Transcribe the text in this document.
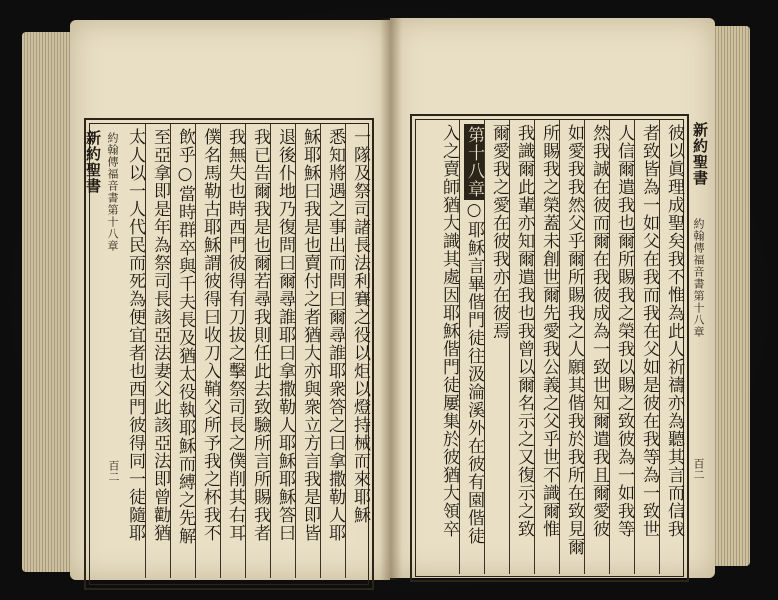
新約聖書 約翰傳福音書第十八章
百二	一隊及祭司諸長法利賽之役以炬以燈持械而來耶穌
悉知將遇之事出而問曰爾尋誰耶衆答之曰拿撒勒人耶
穌耶穌曰我是也賣付之者猶大亦與衆立方言我是即皆
退後仆地乃復問曰爾尋誰耶曰拿撒勒人耶穌耶穌答曰
我已告爾我是也爾若尋我則任此去致驗所言所賜我者
我無失也時西門彼得有刀拔之擊祭司長之僕削其右耳
僕名馬勒古耶穌謂彼得曰收刀入鞘父所予我之杯我不
飲乎○當時群卒與千夫長及猶太役執耶穌而縛之先解
至亞拿即是年為祭司長該亞法妻父此該亞法即曾勸猶
太人以一人代民而死為便宜者也西門彼得同一徒隨耶	新約聖書
約翰傳福音書第十八章
百二
彼以眞理成聖矣我不惟為此人祈禱亦為聽其言而信我
者致皆為一如父在我而我在父如是彼在我等為一致世
人信爾遣我也爾所賜我之榮我以賜之致彼為一如我等
然我誠在彼而爾在我彼成為一致世知爾遣我且爾愛彼
如愛我我然父乎爾所賜我之人願其偕我於我所在致見爾
所賜我之榮蓋未創世爾先愛我公義之父乎世不識爾惟
我識爾此輩亦知爾遣我也我曾以爾名示之又復示之致
爾愛我之愛在彼我亦在彼焉
第十八章○耶穌言畢偕門徒往汲淪溪外在彼有園偕徒
入之賣師猶大識其處因耶穌偕門徒屢集於彼猶大領卒
